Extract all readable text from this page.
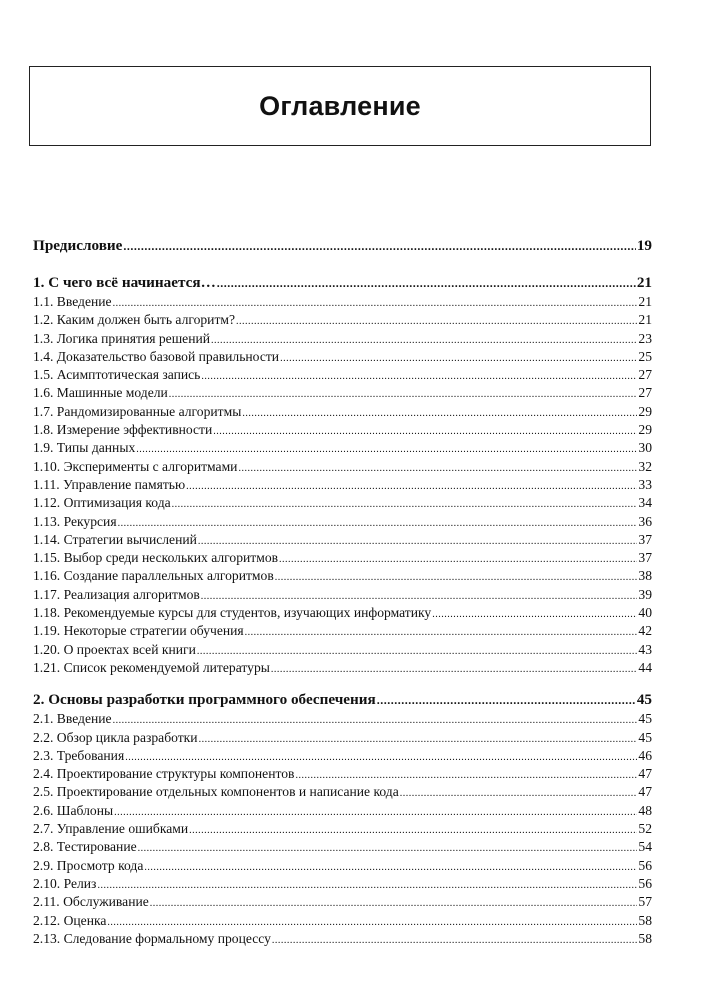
Оглавление
Предисловие .....	19
1. С чего всё начинается… .....	21
1.1. Введение .....	21
1.2. Каким должен быть алгоритм? .....	21
1.3. Логика принятия решений .....	23
1.4. Доказательство базовой правильности .....	25
1.5. Асимптотическая запись .....	27
1.6. Машинные модели .....	27
1.7. Рандомизированные алгоритмы .....	29
1.8. Измерение эффективности .....	29
1.9. Типы данных .....	30
1.10. Эксперименты с алгоритмами .....	32
1.11. Управление памятью .....	33
1.12. Оптимизация кода .....	34
1.13. Рекурсия .....	36
1.14. Стратегии вычислений .....	37
1.15. Выбор среди нескольких алгоритмов .....	37
1.16. Создание параллельных алгоритмов .....	38
1.17. Реализация алгоритмов .....	39
1.18. Рекомендуемые курсы для студентов, изучающих информатику .....	40
1.19. Некоторые стратегии обучения .....	42
1.20. О проектах всей книги .....	43
1.21. Список рекомендуемой литературы .....	44
2. Основы разработки программного обеспечения .....	45
2.1. Введение .....	45
2.2. Обзор цикла разработки .....	45
2.3. Требования .....	46
2.4. Проектирование структуры компонентов .....	47
2.5. Проектирование отдельных компонентов и написание кода .....	47
2.6. Шаблоны .....	48
2.7. Управление ошибками .....	52
2.8. Тестирование .....	54
2.9. Просмотр кода .....	56
2.10. Релиз .....	56
2.11. Обслуживание .....	57
2.12. Оценка .....	58
2.13. Следование формальному процессу .....	58
